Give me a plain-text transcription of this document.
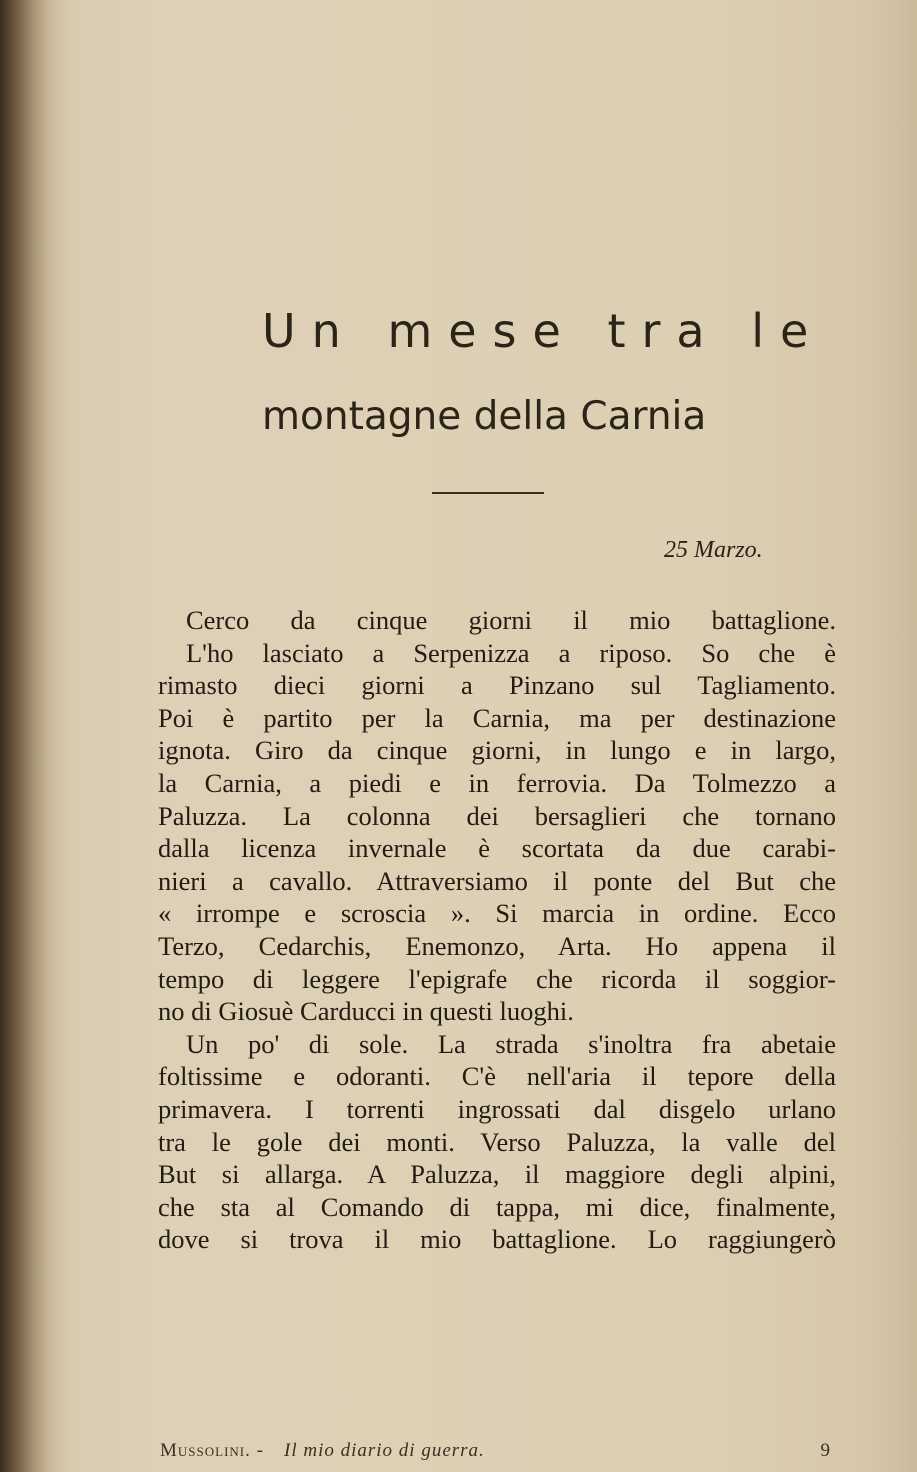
Un mese tra le
montagne della Carnia
25 Marzo.
Cerco da cinque giorni il mio battaglione.
L'ho lasciato a Serpenizza a riposo. So che è
rimasto dieci giorni a Pinzano sul Tagliamento.
Poi è partito per la Carnia, ma per destinazione
ignota. Giro da cinque giorni, in lungo e in largo,
la Carnia, a piedi e in ferrovia. Da Tolmezzo a
Paluzza. La colonna dei bersaglieri che tornano
dalla licenza invernale è scortata da due carabi-
nieri a cavallo. Attraversiamo il ponte del But che
« irrompe e scroscia ». Si marcia in ordine. Ecco
Terzo, Cedarchis, Enemonzo, Arta. Ho appena il
tempo di leggere l'epigrafe che ricorda il soggior-
no di Giosuè Carducci in questi luoghi.
Un po' di sole. La strada s'inoltra fra abetaie
foltissime e odoranti. C'è nell'aria il tepore della
primavera. I torrenti ingrossati dal disgelo urlano
tra le gole dei monti. Verso Paluzza, la valle del
But si allarga. A Paluzza, il maggiore degli alpini,
che sta al Comando di tappa, mi dice, finalmente,
dove si trova il mio battaglione. Lo raggiungerò
Mussolini. - Il mio diario di guerra.	9
